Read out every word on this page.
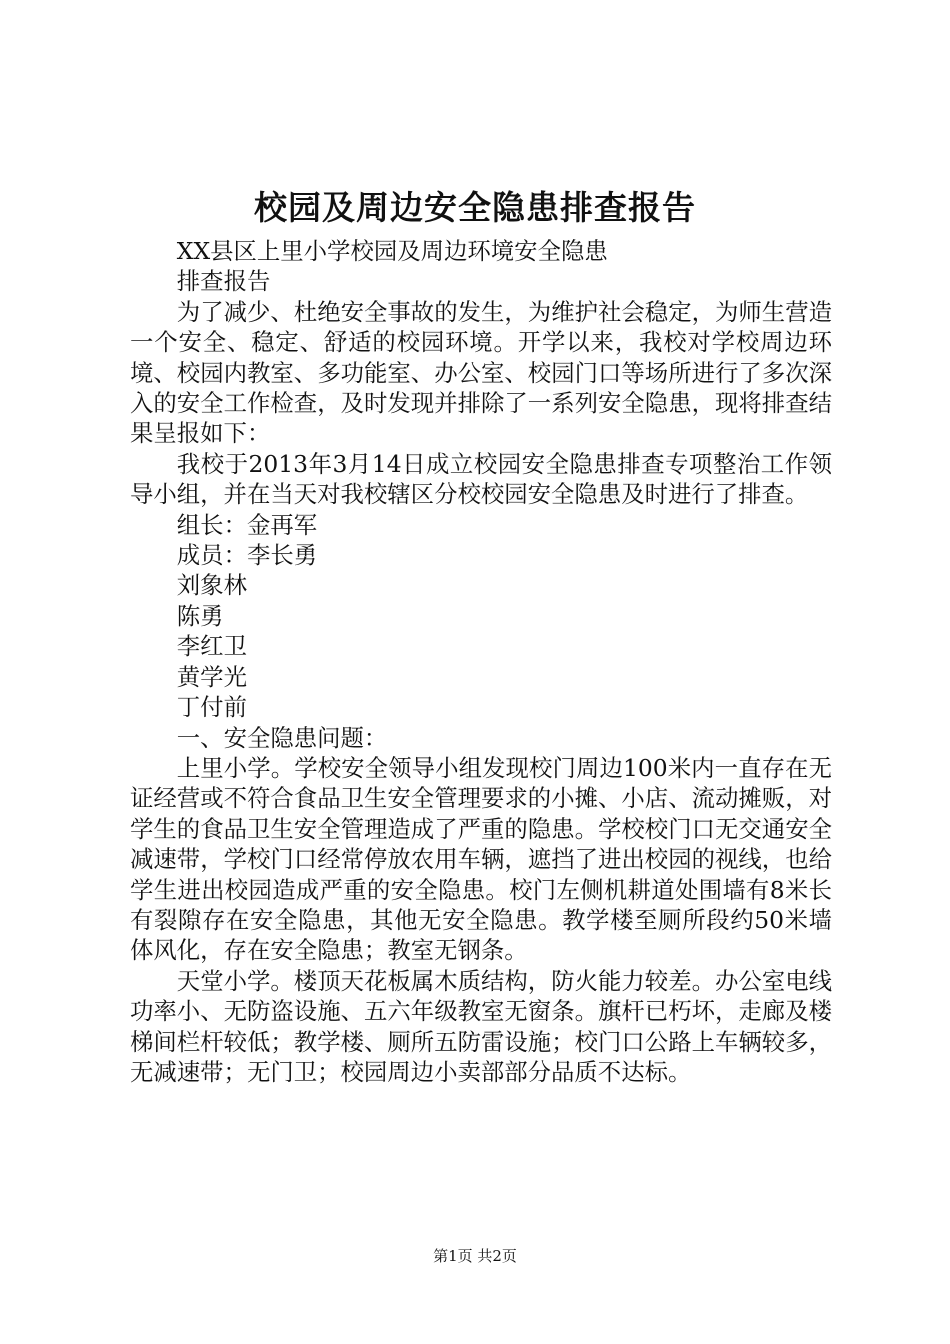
校园及周边安全隐患排查报告

XX县区上里小学校园及周边环境安全隐患

排查报告

为了减少、杜绝安全事故的发生，为维护社会稳定，为师生营造一个安全、稳定、舒适的校园环境。开学以来，我校对学校周边环境、校园内教室、多功能室、办公室、校园门口等场所进行了多次深入的安全工作检查，及时发现并排除了一系列安全隐患，现将排查结果呈报如下：

我校于2013年3月14日成立校园安全隐患排查专项整治工作领导小组，并在当天对我校辖区分校校园安全隐患及时进行了排查。

组长：金再军

成员：李长勇

刘象林

陈勇

李红卫

黄学光

丁付前

一、安全隐患问题：

上里小学。学校安全领导小组发现校门周边100米内一直存在无证经营或不符合食品卫生安全管理要求的小摊、小店、流动摊贩，对学生的食品卫生安全管理造成了严重的隐患。学校校门口无交通安全减速带，学校门口经常停放农用车辆，遮挡了进出校园的视线，也给学生进出校园造成严重的安全隐患。校门左侧机耕道处围墙有8米长有裂隙存在安全隐患，其他无安全隐患。教学楼至厕所段约50米墙体风化，存在安全隐患；教室无钢条。

天堂小学。楼顶天花板属木质结构，防火能力较差。办公室电线功率小、无防盗设施、五六年级教室无窗条。旗杆已朽坏，走廊及楼梯间栏杆较低；教学楼、厕所五防雷设施；校门口公路上车辆较多，无减速带；无门卫；校园周边小卖部部分品质不达标。

第1页 共2页
